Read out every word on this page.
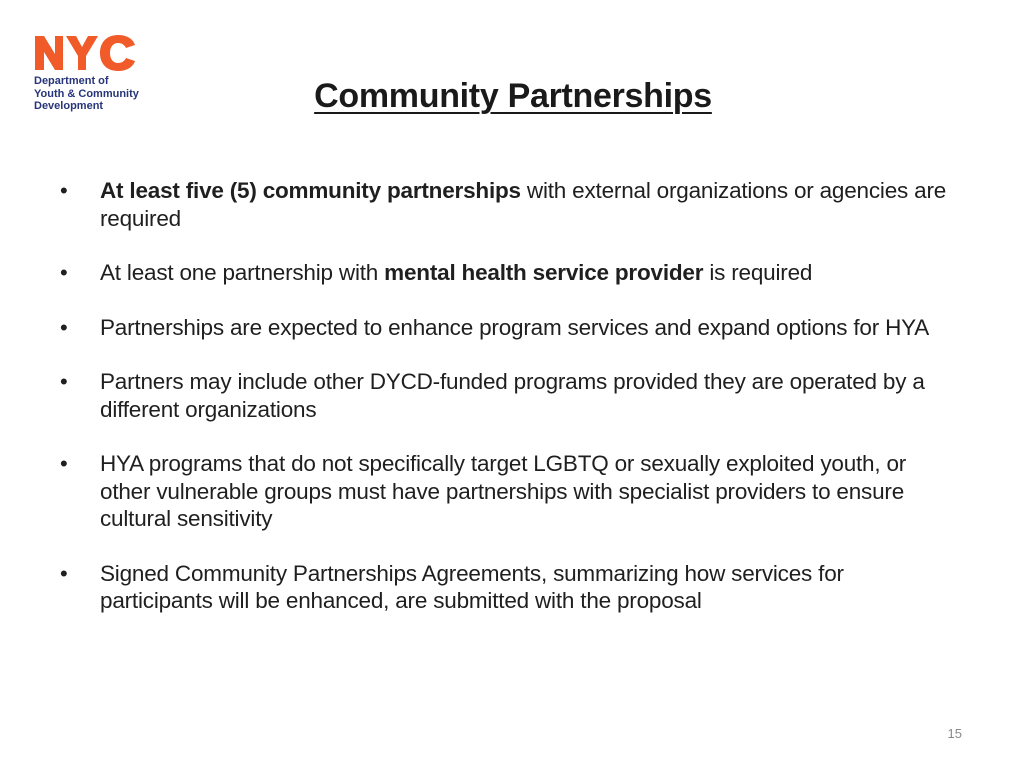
Department of
Youth & Community
Development	Community Partnerships
•	At least five (5) community partnerships with external organizations or agencies are required
•	At least one partnership with mental health service provider is required
•	Partnerships are expected to enhance program services and expand options for HYA
•	Partners may include other DYCD-funded programs provided they are operated by a different organizations
•	HYA programs that do not specifically target LGBTQ or sexually exploited youth, or other vulnerable groups must have partnerships with specialist providers to ensure cultural sensitivity
•	Signed Community Partnerships Agreements, summarizing how services for participants will be enhanced, are submitted with the proposal
15
